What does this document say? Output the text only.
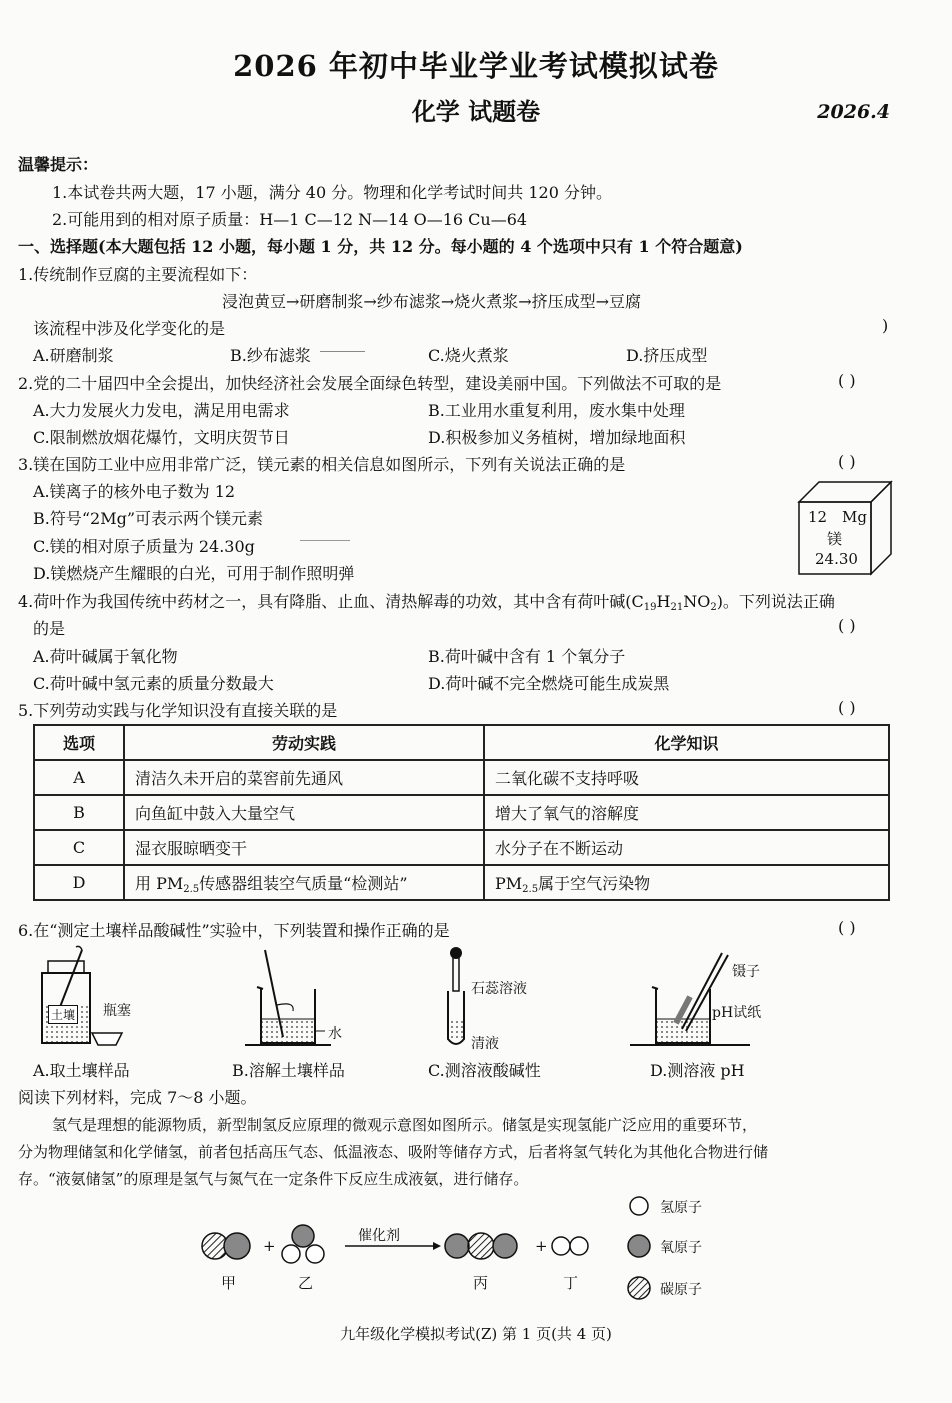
2026 年初中毕业学业考试模拟试卷
化学 试题卷	2026.4
温馨提示：
1.本试卷共两大题，17 小题，满分 40 分。物理和化学考试时间共 120 分钟。
2.可能用到的相对原子质量：H—1 C—12 N—14 O—16 Cu—64
一、选择题(本大题包括 12 小题，每小题 1 分，共 12 分。每小题的 4 个选项中只有 1 个符合题意)
1.传统制作豆腐的主要流程如下：
浸泡黄豆→研磨制浆→纱布滤浆→烧火煮浆→挤压成型→豆腐
该流程中涉及化学变化的是	)
A.研磨制浆	B.纱布滤浆	C.烧火煮浆	D.挤压成型
2.党的二十届四中全会提出，加快经济社会发展全面绿色转型，建设美丽中国。下列做法不可取的是	( )
A.大力发展火力发电，满足用电需求	B.工业用水重复利用，废水集中处理
C.限制燃放烟花爆竹，文明庆贺节日	D.积极参加义务植树，增加绿地面积
3.镁在国防工业中应用非常广泛，镁元素的相关信息如图所示，下列有关说法正确的是	( )
A.镁离子的核外电子数为 12
B.符号“2Mg”可表示两个镁元素
C.镁的相对原子质量为 24.30g
D.镁燃烧产生耀眼的白光，可用于制作照明弹
12 Mg
镁
24.30
4.荷叶作为我国传统中药材之一，具有降脂、止血、清热解毒的功效，其中含有荷叶碱$(C_{19}H_{21}NO_2)$。下列说法正确
的是	( )
A.荷叶碱属于氧化物	B.荷叶碱中含有 1 个氧分子
C.荷叶碱中氢元素的质量分数最大	D.荷叶碱不完全燃烧可能生成炭黑
5.下列劳动实践与化学知识没有直接关联的是	( )
选项	劳动实践	化学知识
A	清洁久未开启的菜窖前先通风	二氧化碳不支持呼吸
B	向鱼缸中鼓入大量空气	增大了氧气的溶解度
C	湿衣服晾晒变干	水分子在不断运动
D	用 $PM_{2.5}$传感器组装空气质量“检测站”	$PM_{2.5}$属于空气污染物
6.在“测定土壤样品酸碱性”实验中，下列装置和操作正确的是	( )
土壤 瓶塞
A.取土壤样品
水
B.溶解土壤样品
石蕊溶液
清液
C.测溶液酸碱性
镊子
pH试纸
D.测溶液 pH
阅读下列材料，完成 7～8 小题。
氢气是理想的能源物质，新型制氢反应原理的微观示意图如图所示。储氢是实现氢能广泛应用的重要环节，
分为物理储氢和化学储氢，前者包括高压气态、低温液态、吸附等储存方式，后者将氢气转化为其他化合物进行储
存。“液氨储氢”的原理是氢气与氮气在一定条件下反应生成液氨，进行储存。
+	+
催化剂
甲	乙	丙	丁
氢原子
氧原子
碳原子
九年级化学模拟考试(Z) 第 1 页(共 4 页)
